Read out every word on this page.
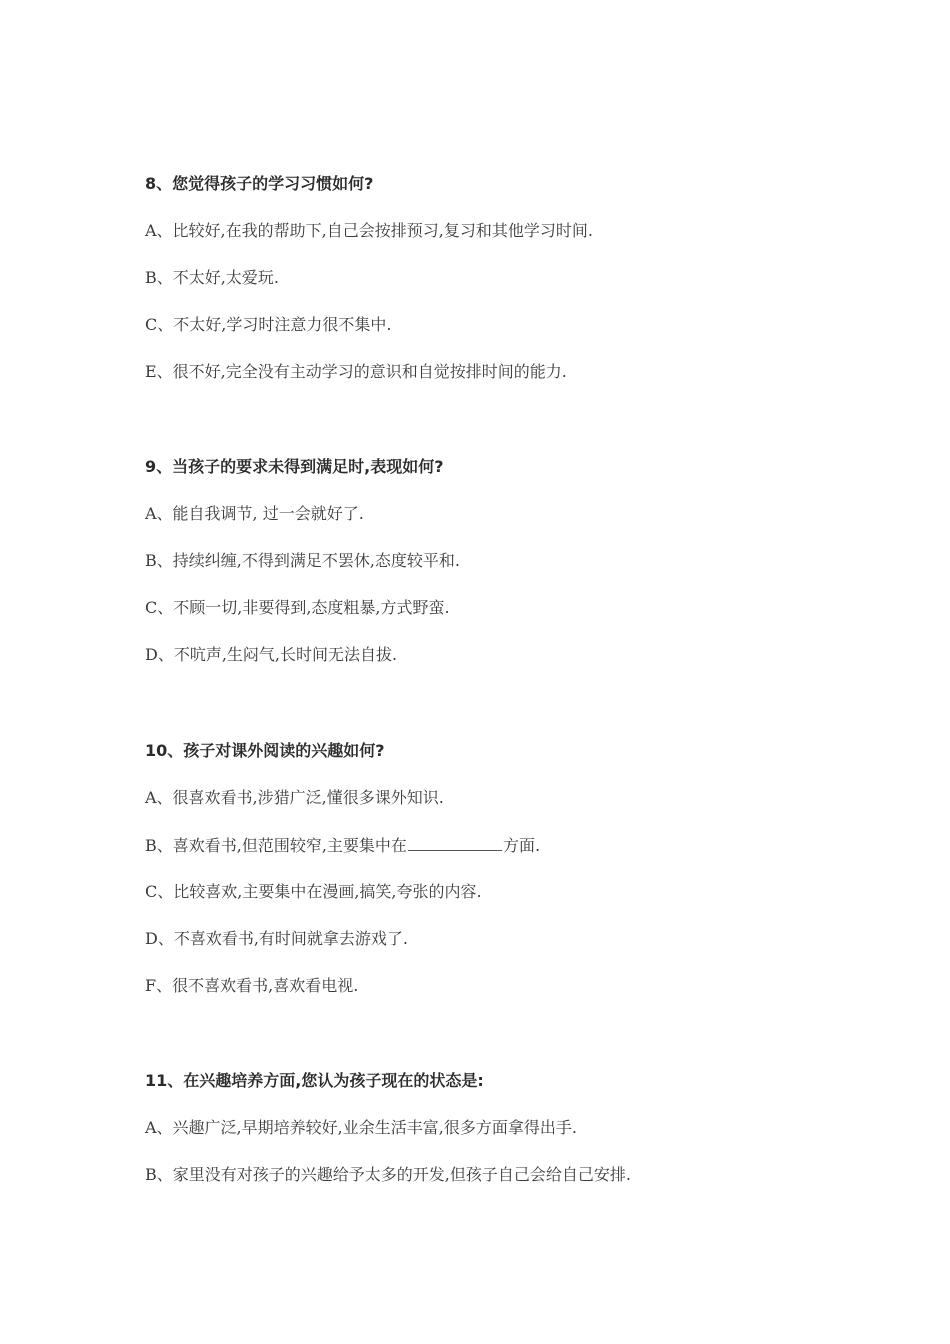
8、您觉得孩子的学习习惯如何?
A、比较好,在我的帮助下,自己会按排预习,复习和其他学习时间.
B、不太好,太爱玩.
C、不太好,学习时注意力很不集中.
E、很不好,完全没有主动学习的意识和自觉按排时间的能力.
9、当孩子的要求未得到满足时,表现如何?
A、能自我调节, 过一会就好了.
B、持续纠缠,不得到满足不罢休,态度较平和.
C、不顾一切,非要得到,态度粗暴,方式野蛮.
D、不吭声,生闷气,长时间无法自拔.
10、孩子对课外阅读的兴趣如何?
A、很喜欢看书,涉猎广泛,懂很多课外知识.
B、喜欢看书,但范围较窄,主要集中在	方面.
C、比较喜欢,主要集中在漫画,搞笑,夸张的内容.
D、不喜欢看书,有时间就拿去游戏了.
F、很不喜欢看书,喜欢看电视.
11、在兴趣培养方面,您认为孩子现在的状态是:
A、兴趣广泛,早期培养较好,业余生活丰富,很多方面拿得出手.
B、家里没有对孩子的兴趣给予太多的开发,但孩子自己会给自己安排.
